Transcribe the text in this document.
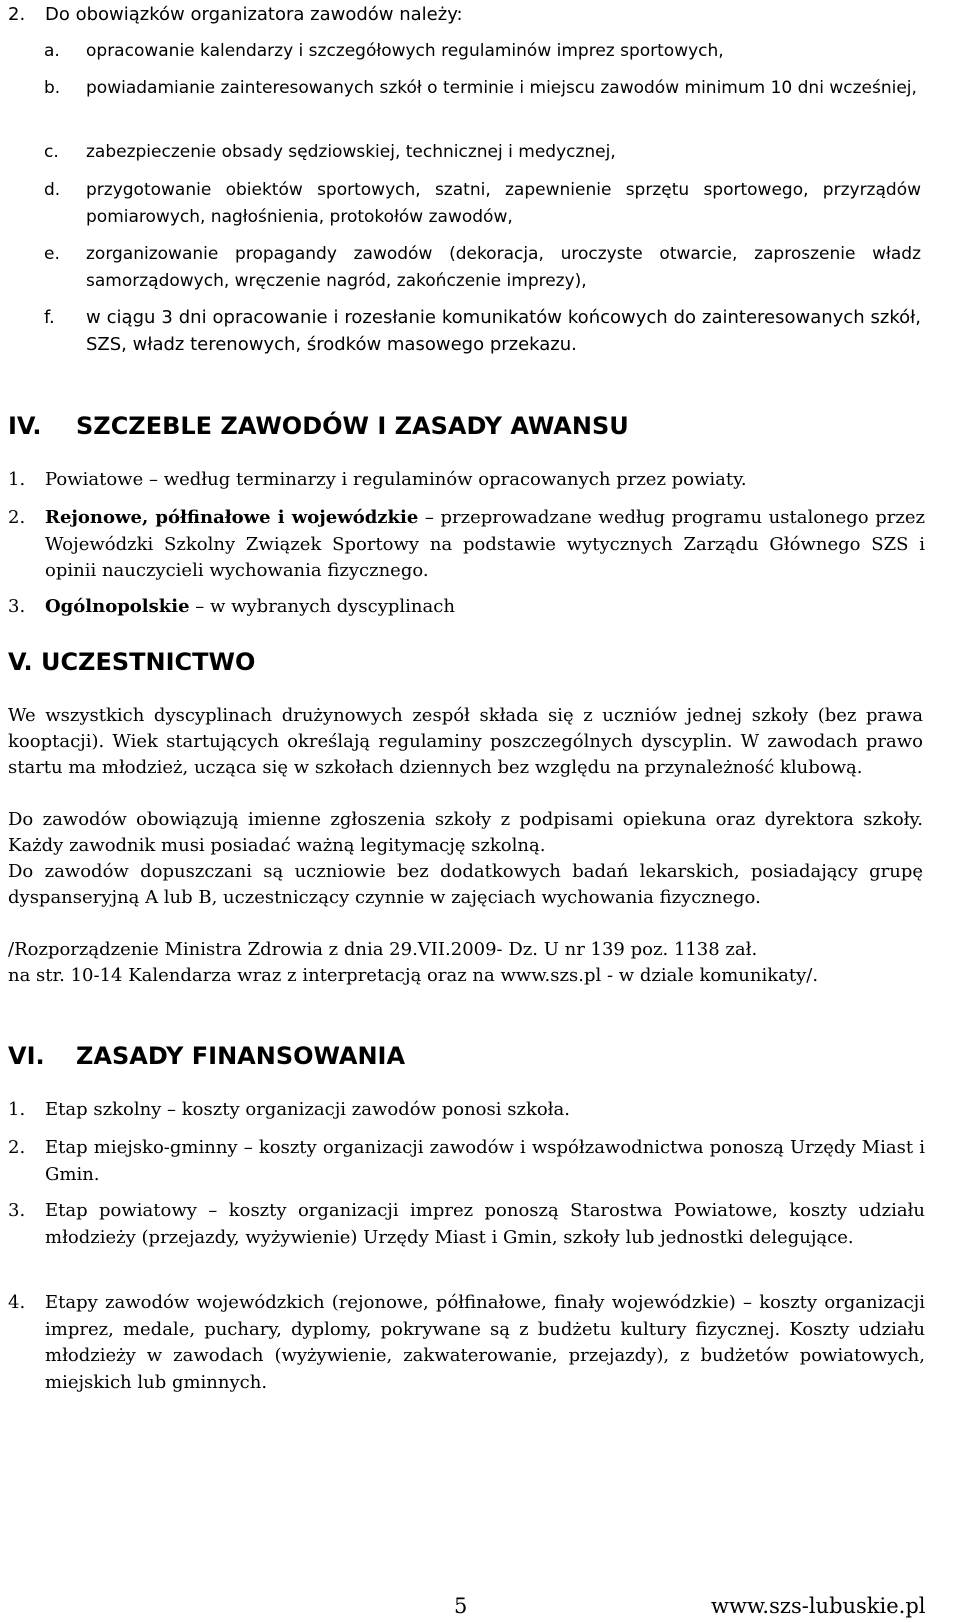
2. Do obowiązków organizatora zawodów należy:
a. opracowanie kalendarzy i szczegółowych regulaminów imprez sportowych,
b. powiadamianie zainteresowanych szkół o terminie i miejscu zawodów minimum 10 dni wcześniej,
c. zabezpieczenie obsady sędziowskiej, technicznej i medycznej,
d. przygotowanie obiektów sportowych, szatni, zapewnienie sprzętu sportowego, przyrządów pomiarowych, nagłośnienia, protokołów zawodów,
e. zorganizowanie propagandy zawodów (dekoracja, uroczyste otwarcie, zaproszenie władz samorządowych, wręczenie nagród, zakończenie imprezy),
f. w ciągu 3 dni opracowanie i rozesłanie komunikatów końcowych do zainteresowanych szkół, SZS, władz terenowych, środków masowego przekazu.
IV. SZCZEBLE ZAWODÓW I ZASADY AWANSU
1. Powiatowe – według terminarzy i regulaminów opracowanych przez powiaty.
2. Rejonowe, półfinałowe i wojewódzkie – przeprowadzane według programu ustalonego przez Wojewódzki Szkolny Związek Sportowy na podstawie wytycznych Zarządu Głównego SZS i opinii nauczycieli wychowania fizycznego.
3. Ogólnopolskie – w wybranych dyscyplinach
V. UCZESTNICTWO
We wszystkich dyscyplinach drużynowych zespół składa się z uczniów jednej szkoły (bez prawa kooptacji). Wiek startujących określają regulaminy poszczególnych dyscyplin. W zawodach prawo startu ma młodzież, ucząca się w szkołach dziennych bez względu na przynależność klubową.
Do zawodów obowiązują imienne zgłoszenia szkoły z podpisami opiekuna oraz dyrektora szkoły. Każdy zawodnik musi posiadać ważną legitymację szkolną.
Do zawodów dopuszczani są uczniowie bez dodatkowych badań lekarskich, posiadający grupę dyspanseryjną A lub B, uczestniczący czynnie w zajęciach wychowania fizycznego.
/Rozporządzenie Ministra Zdrowia z dnia 29.VII.2009- Dz. U nr 139 poz. 1138 zał.
na str. 10-14 Kalendarza wraz z interpretacją oraz na www.szs.pl - w dziale komunikaty/.
VI. ZASADY FINANSOWANIA
1. Etap szkolny – koszty organizacji zawodów ponosi szkoła.
2. Etap miejsko-gminny – koszty organizacji zawodów i współzawodnictwa ponoszą Urzędy Miast i Gmin.
3. Etap powiatowy – koszty organizacji imprez ponoszą Starostwa Powiatowe, koszty udziału młodzieży (przejazdy, wyżywienie) Urzędy Miast i Gmin, szkoły lub jednostki delegujące.
4. Etapy zawodów wojewódzkich (rejonowe, półfinałowe, finały wojewódzkie) – koszty organizacji imprez, medale, puchary, dyplomy, pokrywane są z budżetu kultury fizycznej. Koszty udziału młodzieży w zawodach (wyżywienie, zakwaterowanie, przejazdy), z budżetów powiatowych, miejskich lub gminnych.
5	www.szs-lubuskie.pl
